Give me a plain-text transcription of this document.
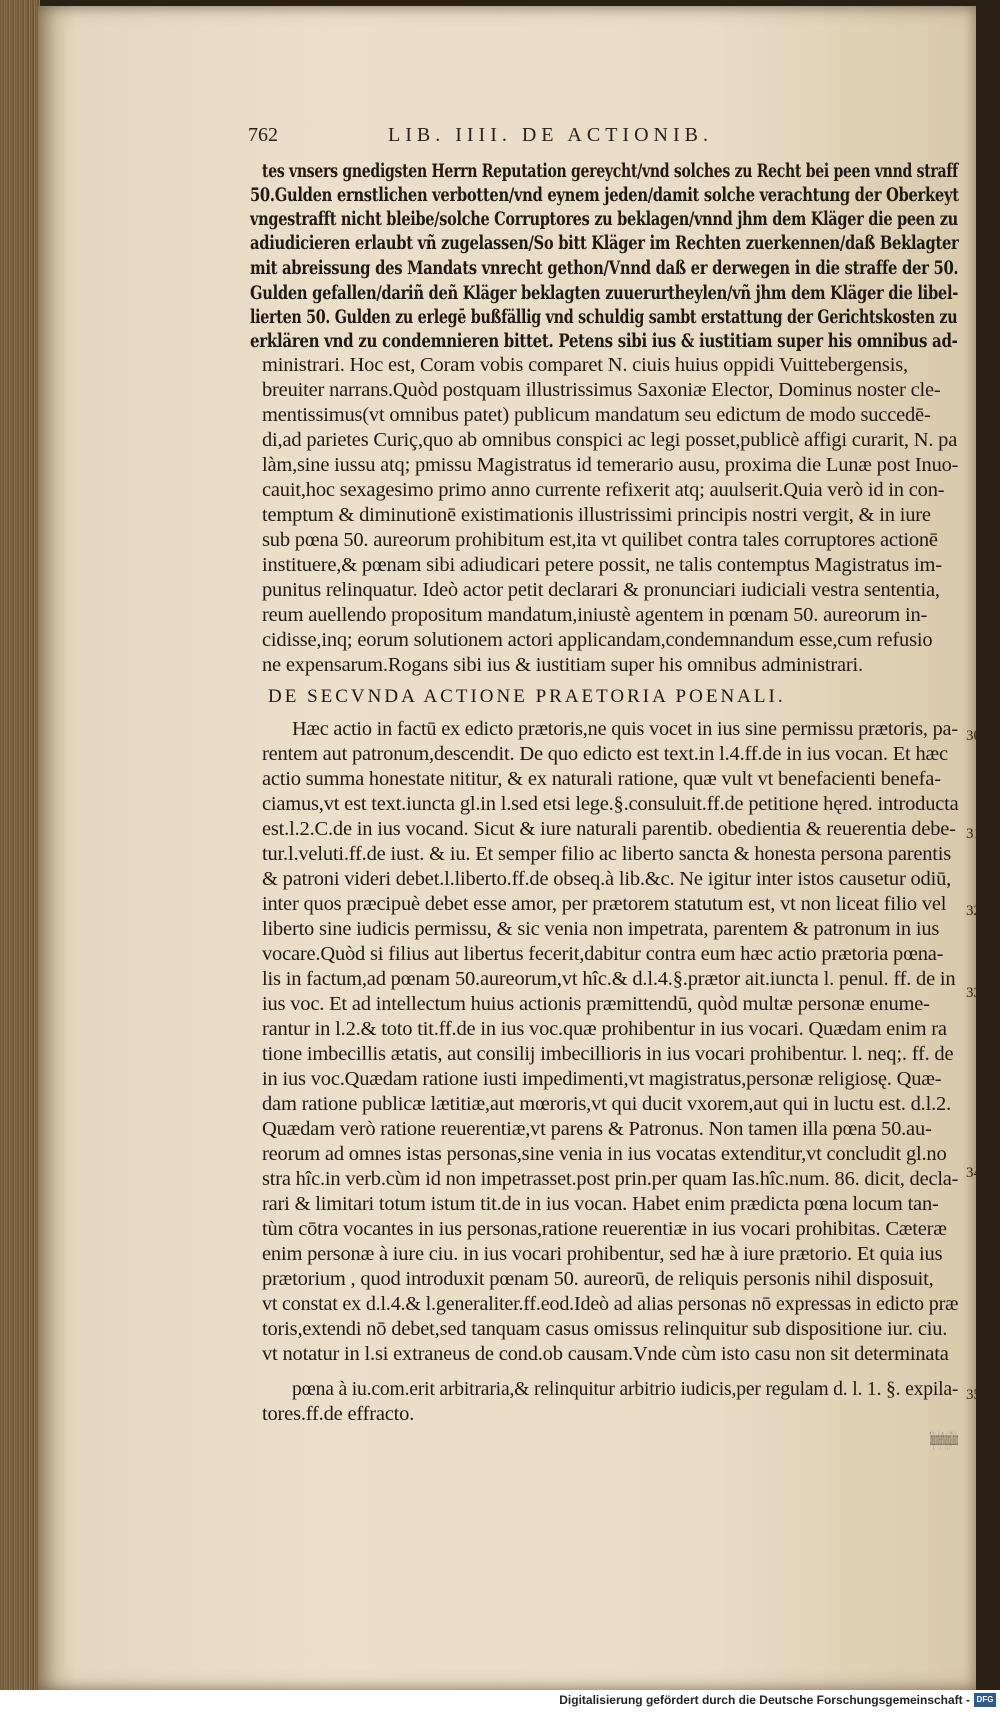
762	LIB. IIII. DE ACTIONIB.
tes vnsers gnedigsten Herrn Reputation gereycht/vnd solches zu Recht bei peen vnnd straff
50.Gulden ernstlichen verbotten/vnd eynem jeden/damit solche verachtung der Oberkeyt
vngestrafft nicht bleibe/solche Corruptores zu beklagen/vnnd jhm dem Kläger die peen zu
adiudicieren erlaubt vñ zugelassen/So bitt Kläger im Rechten zuerkennen/daß Beklagter
mit abreissung des Mandats vnrecht gethon/Vnnd daß er derwegen in die straffe der 50.
Gulden gefallen/dariñ deñ Kläger beklagten zuuerurtheylen/vñ jhm dem Kläger die libel-
lierten 50. Gulden zu erlegē bußfällig vnd schuldig sambt erstattung der Gerichtskosten zu
erklären vnd zu condemnieren bittet. Petens sibi ius & iustitiam super his omnibus ad-
ministrari. Hoc est, Coram vobis comparet N. ciuis huius oppidi Vuittebergensis,
breuiter narrans.Quòd postquam illustrissimus Saxoniæ Elector, Dominus noster cle-
mentissimus(vt omnibus patet) publicum mandatum seu edictum de modo succedē-
di,ad parietes Curiç,quo ab omnibus conspici ac legi posset,publicè affigi curarit, N. pa
làm,sine iussu atq; pmissu Magistratus id temerario ausu, proxima die Lunæ post Inuo-
cauit,hoc sexagesimo primo anno currente refixerit atq; auulserit.Quia verò id in con-
temptum & diminutionē existimationis illustrissimi principis nostri vergit, & in iure
sub pœna 50. aureorum prohibitum est,ita vt quilibet contra tales corruptores actionē
instituere,& pœnam sibi adiudicari petere possit, ne talis contemptus Magistratus im-
punitus relinquatur. Ideò actor petit declarari & pronunciari iudiciali vestra sententia,
reum auellendo propositum mandatum,iniustè agentem in pœnam 50. aureorum in-
cidisse,inq; eorum solutionem actori applicandam,condemnandum esse,cum refusio
ne expensarum.Rogans sibi ius & iustitiam super his omnibus administrari.
DE SECVNDA ACTIONE PRAETORIA POENALI.
Hæc actio in factū ex edicto prætoris,ne quis vocet in ius sine permissu prætoris, pa-
rentem aut patronum,descendit. De quo edicto est text.in l.4.ff.de in ius vocan. Et hæc
actio summa honestate nititur, & ex naturali ratione, quæ vult vt benefacienti benefa-
ciamus,vt est text.iuncta gl.in l.sed etsi lege.§.consuluit.ff.de petitione hęred. introducta
est.l.2.C.de in ius vocand. Sicut & iure naturali parentib. obedientia & reuerentia debe-
tur.l.veluti.ff.de iust. & iu. Et semper filio ac liberto sancta & honesta persona parentis
& patroni videri debet.l.liberto.ff.de obseq.à lib.&c. Ne igitur inter istos causetur odiū,
inter quos præcipuè debet esse amor, per prætorem statutum est, vt non liceat filio vel
liberto sine iudicis permissu, & sic venia non impetrata, parentem & patronum in ius
vocare.Quòd si filius aut libertus fecerit,dabitur contra eum hæc actio prætoria pœna-
lis in factum,ad pœnam 50.aureorum,vt hîc.& d.l.4.§.prætor ait.iuncta l. penul. ff. de in
ius voc. Et ad intellectum huius actionis præmittendū, quòd multæ personæ enume-
rantur in l.2.& toto tit.ff.de in ius voc.quæ prohibentur in ius vocari. Quædam enim ra
tione imbecillis ætatis, aut consilij imbecillioris in ius vocari prohibentur. l. neq;. ff. de
in ius voc.Quædam ratione iusti impedimenti,vt magistratus,personæ religiosę. Quæ-
dam ratione publicæ lætitiæ,aut mœroris,vt qui ducit vxorem,aut qui in luctu est. d.l.2.
Quædam verò ratione reuerentiæ,vt parens & Patronus. Non tamen illa pœna 50.au-
reorum ad omnes istas personas,sine venia in ius vocatas extenditur,vt concludit gl.no
stra hîc.in verb.cùm id non impetrasset.post prin.per quam Ias.hîc.num. 86. dicit, decla-
rari & limitari totum istum tit.de in ius vocan. Habet enim prædicta pœna locum tan-
tùm cōtra vocantes in ius personas,ratione reuerentiæ in ius vocari prohibitas. Cæteræ
enim personæ à iure ciu. in ius vocari prohibentur, sed hæ à iure prætorio. Et quia ius
prætorium , quod introduxit pœnam 50. aureorū, de reliquis personis nihil disposuit,
vt constat ex d.l.4.& l.generaliter.ff.eod.Ideò ad alias personas nō expressas in edicto præ
toris,extendi nō debet,sed tanquam casus omissus relinquitur sub dispositione iur. ciu.
vt notatur in l.si extraneus de cond.ob causam.Vnde cùm isto casu non sit determinata
pœna à iu.com.erit arbitraria,& relinquitur arbitrio iudicis,per regulam d. l. 1. §. expila-
tores.ff.de effracto.
Cōmodo igitur nunc ordine sequitur Prima quæstio principalis,Cui hæc actio com
30
31
32
33
34
35
Digitalisierung gefördert durch die Deutsche Forschungsgemeinschaft - DFG
